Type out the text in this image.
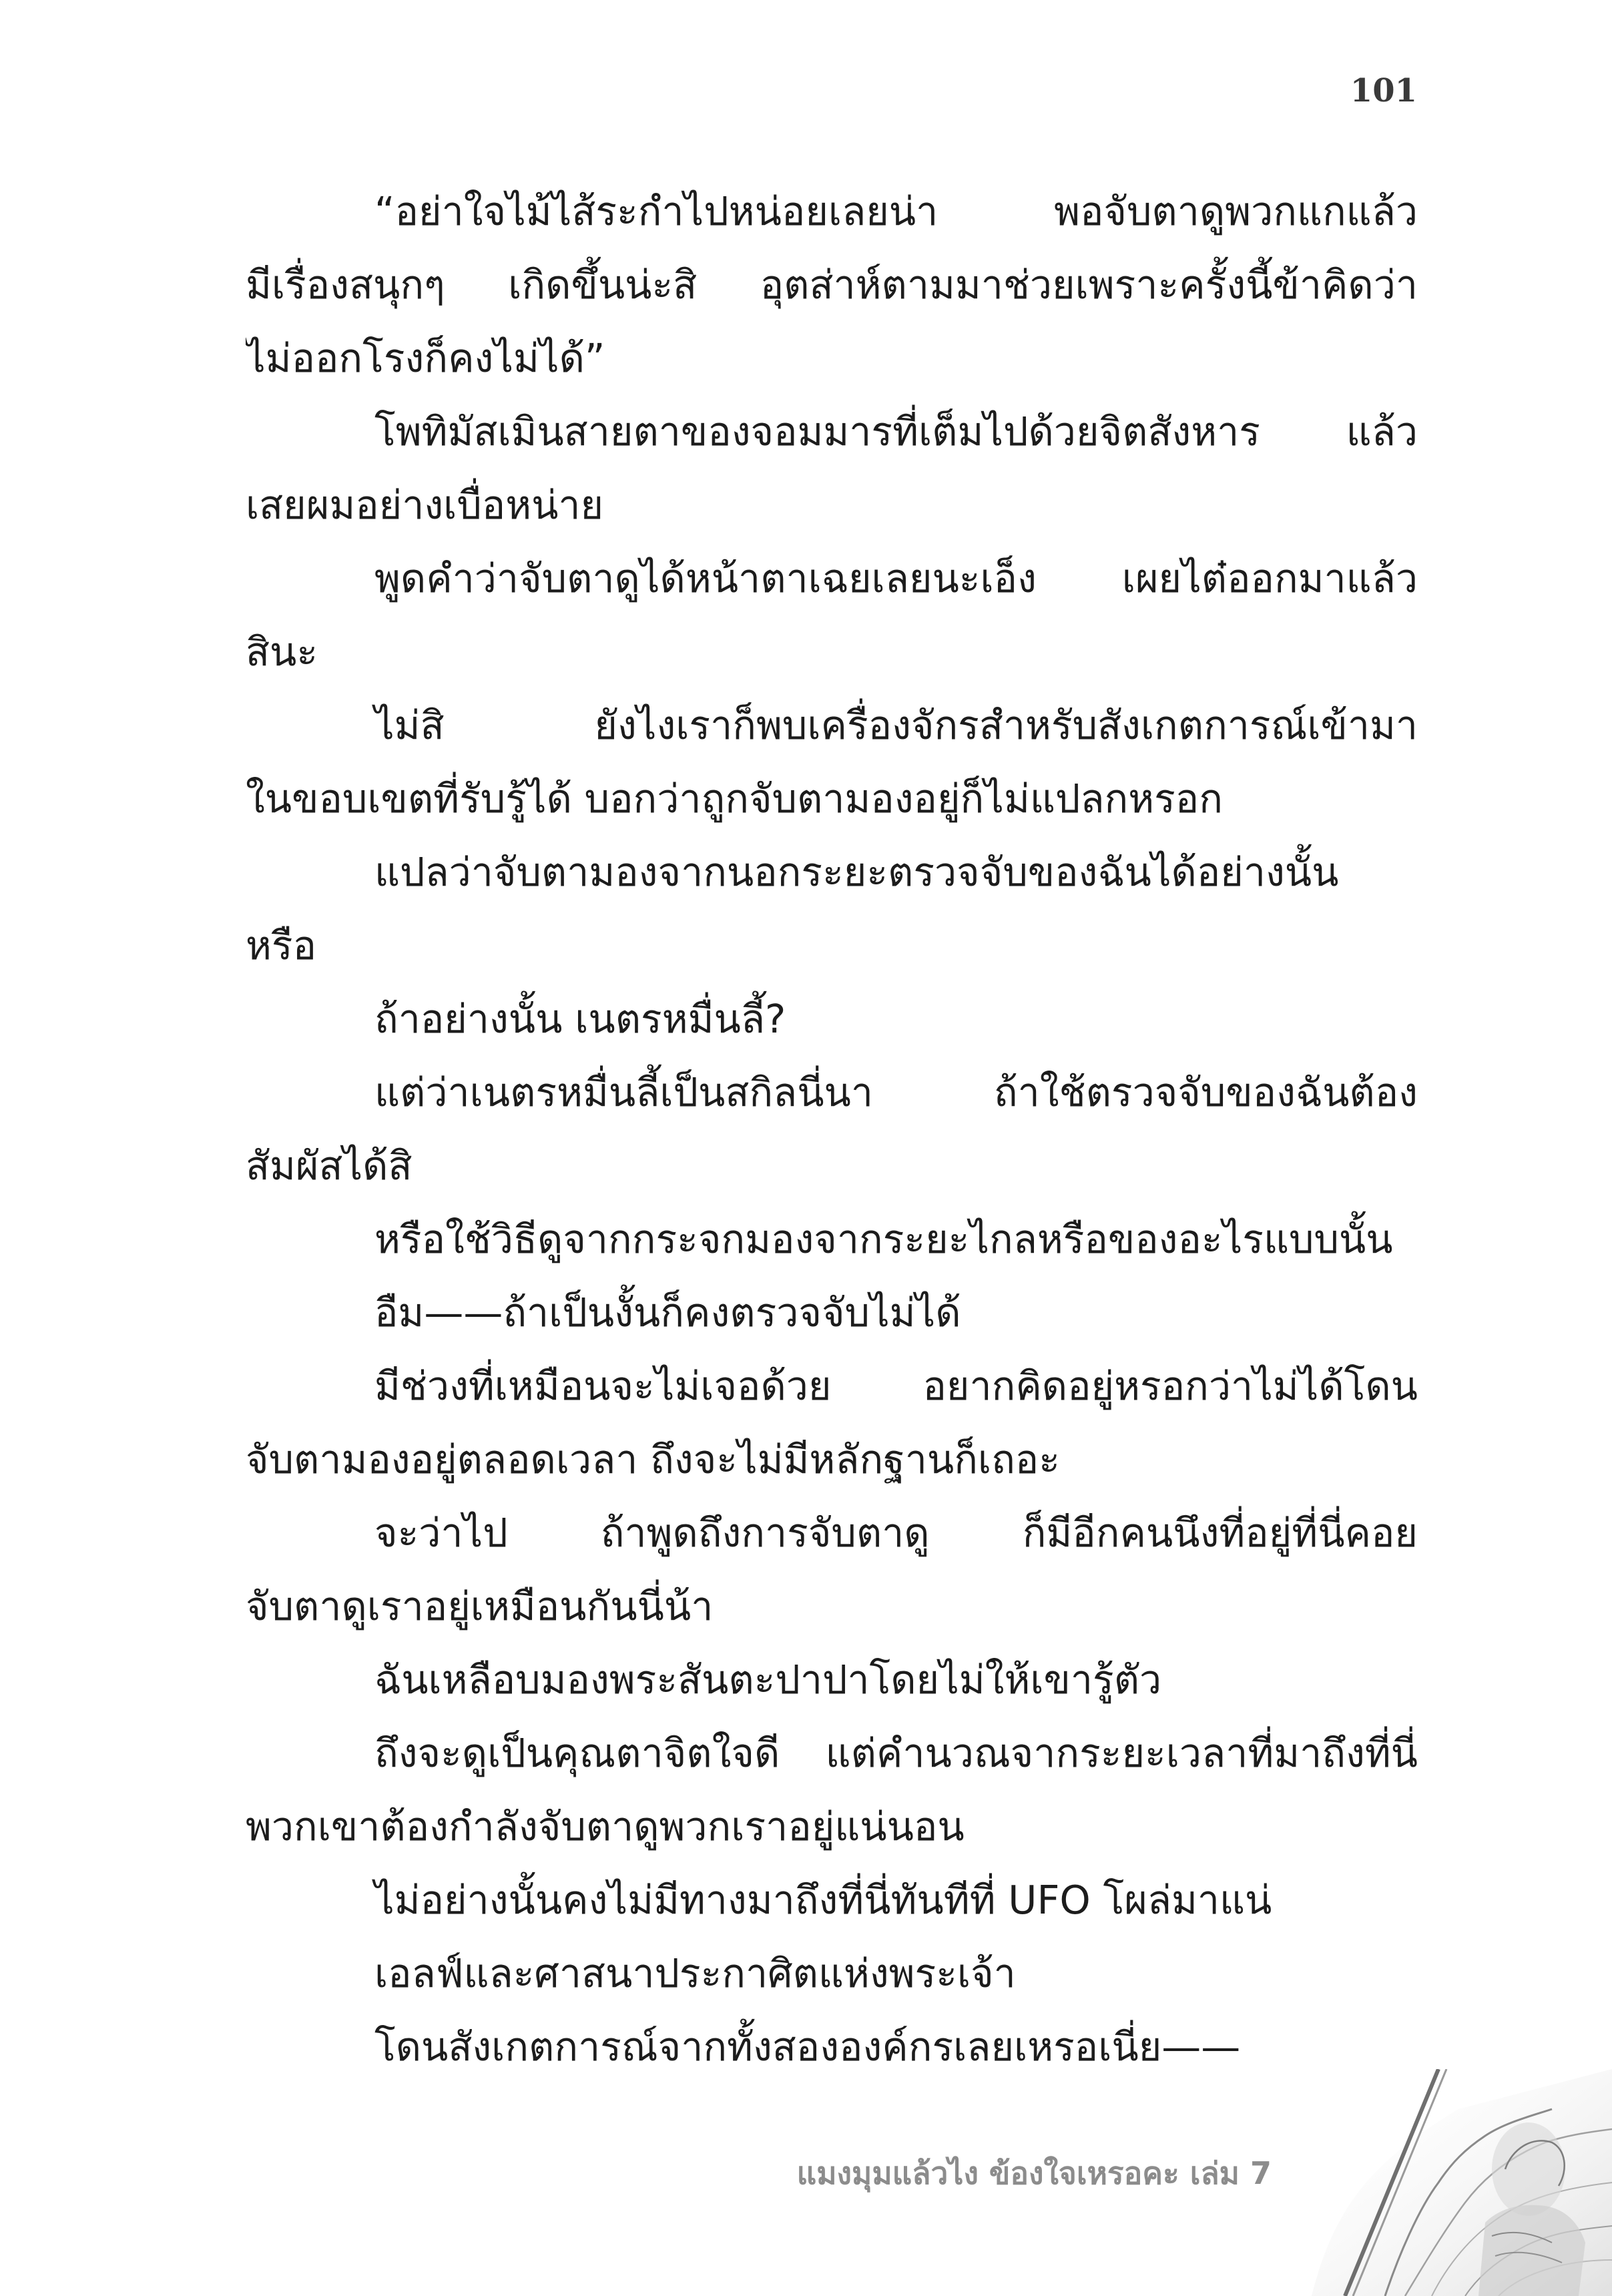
101
“อย่าใจไม้ไส้ระกำไปหน่อยเลยน่า พอจับตาดูพวกแกแล้ว
มีเรื่องสนุกๆ เกิดขึ้นน่ะสิ อุตส่าห์ตามมาช่วยเพราะครั้งนี้ข้าคิดว่า
ไม่ออกโรงก็คงไม่ได้”
โพทิมัสเมินสายตาของจอมมารที่เต็มไปด้วยจิตสังหาร แล้ว
เสยผมอย่างเบื่อหน่าย
พูดคำว่าจับตาดูได้หน้าตาเฉยเลยนะเอ็ง เผยไต๋ออกมาแล้ว
สินะ
ไม่สิ ยังไงเราก็พบเครื่องจักรสำหรับสังเกตการณ์เข้ามา
ในขอบเขตที่รับรู้ได้ บอกว่าถูกจับตามองอยู่ก็ไม่แปลกหรอก
แปลว่าจับตามองจากนอกระยะตรวจจับของฉันได้อย่างนั้น
หรือ
ถ้าอย่างนั้น เนตรหมื่นลี้?
แต่ว่าเนตรหมื่นลี้เป็นสกิลนี่นา ถ้าใช้ตรวจจับของฉันต้อง
สัมผัสได้สิ
หรือใช้วิธีดูจากกระจกมองจากระยะไกลหรือของอะไรแบบนั้น
อืม——ถ้าเป็นงั้นก็คงตรวจจับไม่ได้
มีช่วงที่เหมือนจะไม่เจอด้วย อยากคิดอยู่หรอกว่าไม่ได้โดน
จับตามองอยู่ตลอดเวลา ถึงจะไม่มีหลักฐานก็เถอะ
จะว่าไป ถ้าพูดถึงการจับตาดู ก็มีอีกคนนึงที่อยู่ที่นี่คอย
จับตาดูเราอยู่เหมือนกันนี่น้า
ฉันเหลือบมองพระสันตะปาปาโดยไม่ให้เขารู้ตัว
ถึงจะดูเป็นคุณตาจิตใจดี แต่คำนวณจากระยะเวลาที่มาถึงที่นี่
พวกเขาต้องกำลังจับตาดูพวกเราอยู่แน่นอน
ไม่อย่างนั้นคงไม่มีทางมาถึงที่นี่ทันทีที่ UFO โผล่มาแน่
เอลฟ์และศาสนาประกาศิตแห่งพระเจ้า
โดนสังเกตการณ์จากทั้งสององค์กรเลยเหรอเนี่ย——
แมงมุมแล้วไง ข้องใจเหรอคะ เล่ม 7
